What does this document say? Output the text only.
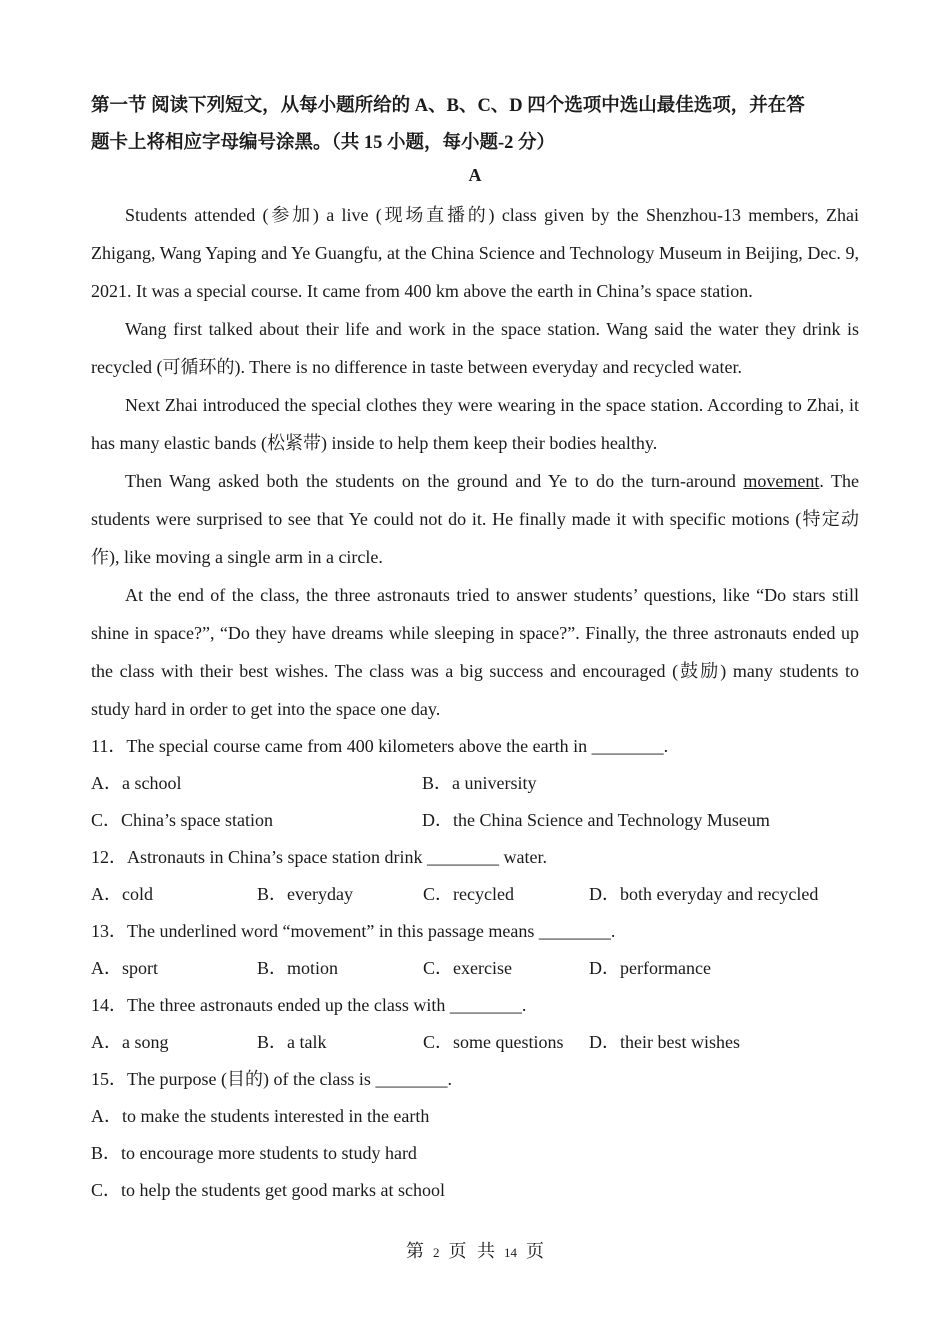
第一节 阅读下列短文，从每小题所给的 A、B、C、D 四个选项中选山最佳选项，并在答
题卡上将相应字母编号涂黑。（共 15 小题，每小题-2 分）
A

Students attended (参加) a live (现场直播的) class given by the Shenzhou-13 members, Zhai Zhigang, Wang Yaping and Ye Guangfu, at the China Science and Technology Museum in Beijing, Dec. 9, 2021. It was a special course. It came from 400 km above the earth in China’s space station.

Wang first talked about their life and work in the space station. Wang said the water they drink is recycled (可循环的). There is no difference in taste between everyday and recycled water.

Next Zhai introduced the special clothes they were wearing in the space station. According to Zhai, it has many elastic bands (松紧带) inside to help them keep their bodies healthy.

Then Wang asked both the students on the ground and Ye to do the turn-around movement. The students were surprised to see that Ye could not do it. He finally made it with specific motions (特定动作), like moving a single arm in a circle.

At the end of the class, the three astronauts tried to answer students’ questions, like “Do stars still shine in space?”, “Do they have dreams while sleeping in space?”. Finally, the three astronauts ended up the class with their best wishes. The class was a big success and encouraged (鼓励) many students to study hard in order to get into the space one day.

11．The special course came from 400 kilometers above the earth in ________.
A．a school	B．a university
C．China’s space station	D．the China Science and Technology Museum
12．Astronauts in China’s space station drink ________ water.
A．cold	B．everyday	C．recycled	D．both everyday and recycled
13．The underlined word “movement” in this passage means ________.
A．sport	B．motion	C．exercise	D．performance
14．The three astronauts ended up the class with ________.
A．a song	B．a talk	C．some questions	D．their best wishes
15．The purpose (目的) of the class is ________.
A．to make the students interested in the earth
B．to encourage more students to study hard
C．to help the students get good marks at school
第 2 页 共 14 页
